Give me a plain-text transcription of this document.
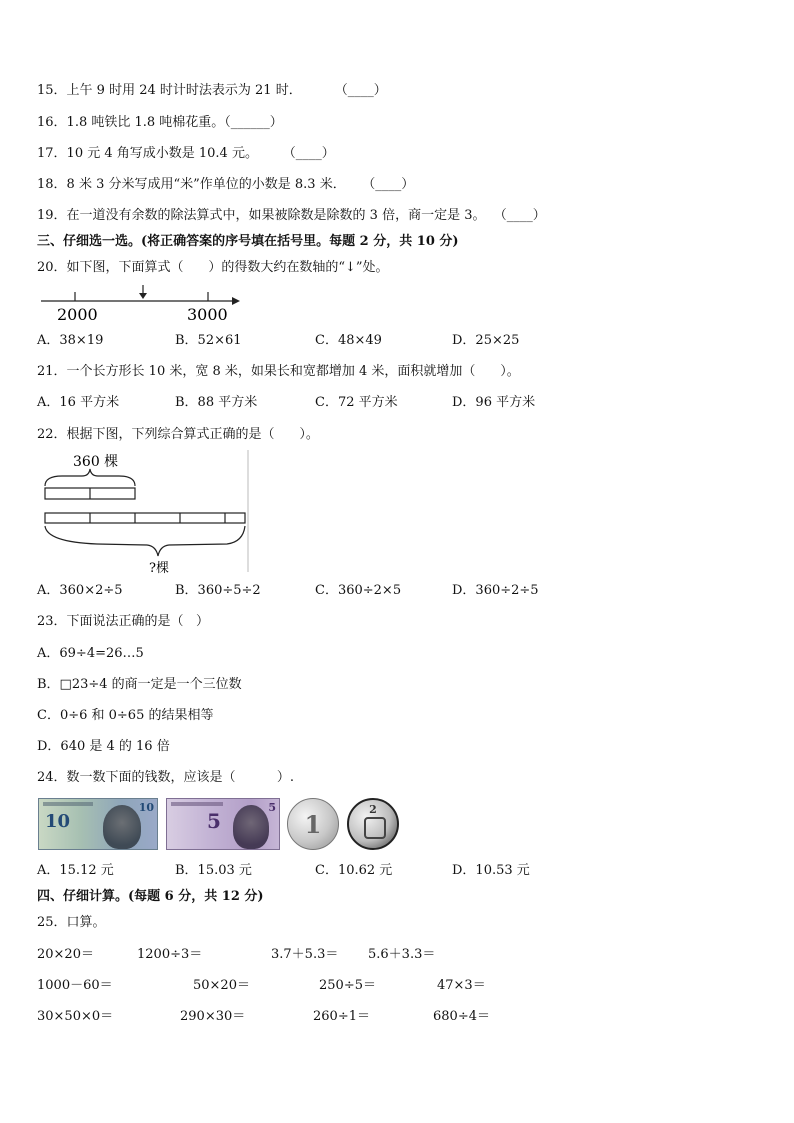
15．上午 9 时用 24 时计时法表示为 21 时．        （____）
16．1.8 吨铁比 1.8 吨棉花重。（______）
17．10 元 4 角写成小数是 10.4 元。      （____）
18．8 米 3 分米写成用“米”作单位的小数是 8.3 米．    （____）
19．在一道没有余数的除法算式中，如果被除数是除数的 3 倍，商一定是 3。  （____）
三、仔细选一选。(将正确答案的序号填在括号里。每题 2 分，共 10 分)
20．如下图，下面算式（      ）的得数大约在数轴的“↓”处。
2000	3000
A．38×19	B．52×61	C．48×49	D．25×25
21．一个长方形长 10 米，宽 8 米，如果长和宽都增加 4 米，面积就增加（      ）。
A．16 平方米	B．88 平方米	C．72 平方米	D．96 平方米
22．根据下图，下列综合算式正确的是（      ）。
360 棵
?棵
A．360×2÷5	B．360÷5÷2	C．360÷2×5	D．360÷2÷5
23．下面说法正确的是（   ）
A．69÷4=26…5
B．□23÷4 的商一定是一个三位数
C．0÷6 和 0÷65 的结果相等
D．640 是 4 的 16 倍
24．数一数下面的钱数，应该是（          ）.
10
10
5
5
1
2
A．15.12 元	B．15.03 元	C．10.62 元	D．10.53 元
四、仔细计算。(每题 6 分，共 12 分)
25．口算。
20×20＝	1200÷3＝	3.7＋5.3＝ 5.6＋3.3＝
1000－60＝	50×20＝	250÷5＝	47×3＝
30×50×0＝	290×30＝	260÷1＝	680÷4＝
